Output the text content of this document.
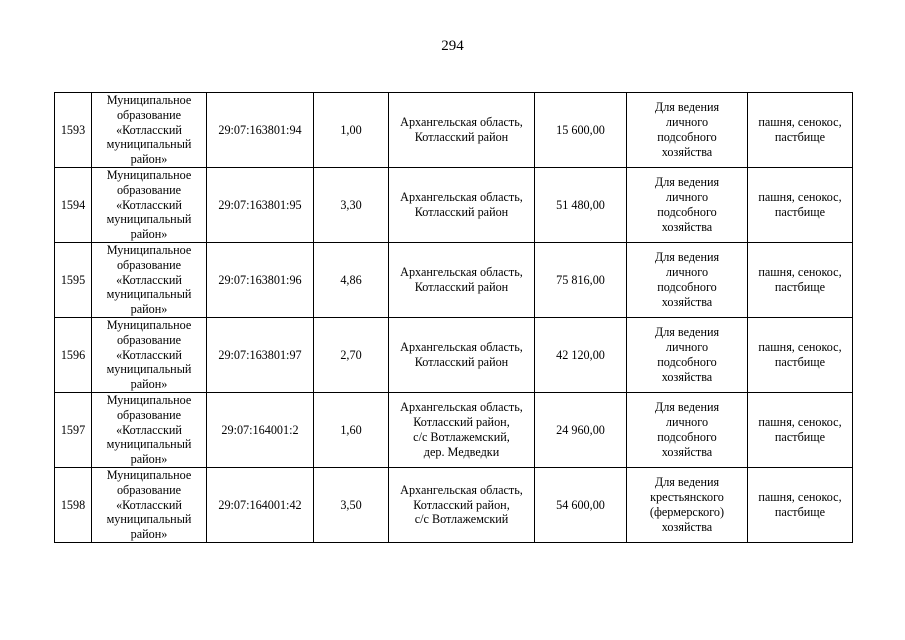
294
1593	Муниципальное
образование
«Котласский
муниципальный
район»	29:07:163801:94	1,00	Архангельская область,
Котласский район	15 600,00	Для ведения
личного
подсобного
хозяйства	пашня, сенокос,
пастбище
1594	Муниципальное
образование
«Котласский
муниципальный
район»	29:07:163801:95	3,30	Архангельская область,
Котласский район	51 480,00	Для ведения
личного
подсобного
хозяйства	пашня, сенокос,
пастбище
1595	Муниципальное
образование
«Котласский
муниципальный
район»	29:07:163801:96	4,86	Архангельская область,
Котласский район	75 816,00	Для ведения
личного
подсобного
хозяйства	пашня, сенокос,
пастбище
1596	Муниципальное
образование
«Котласский
муниципальный
район»	29:07:163801:97	2,70	Архангельская область,
Котласский район	42 120,00	Для ведения
личного
подсобного
хозяйства	пашня, сенокос,
пастбище
1597	Муниципальное
образование
«Котласский
муниципальный
район»	29:07:164001:2	1,60	Архангельская область,
Котласский район,
с/с Вотлажемский,
дер. Медведки	24 960,00	Для ведения
личного
подсобного
хозяйства	пашня, сенокос,
пастбище
1598	Муниципальное
образование
«Котласский
муниципальный
район»	29:07:164001:42	3,50	Архангельская область,
Котласский район,
с/с Вотлажемский	54 600,00	Для ведения
крестьянского
(фермерского)
хозяйства	пашня, сенокос,
пастбище
